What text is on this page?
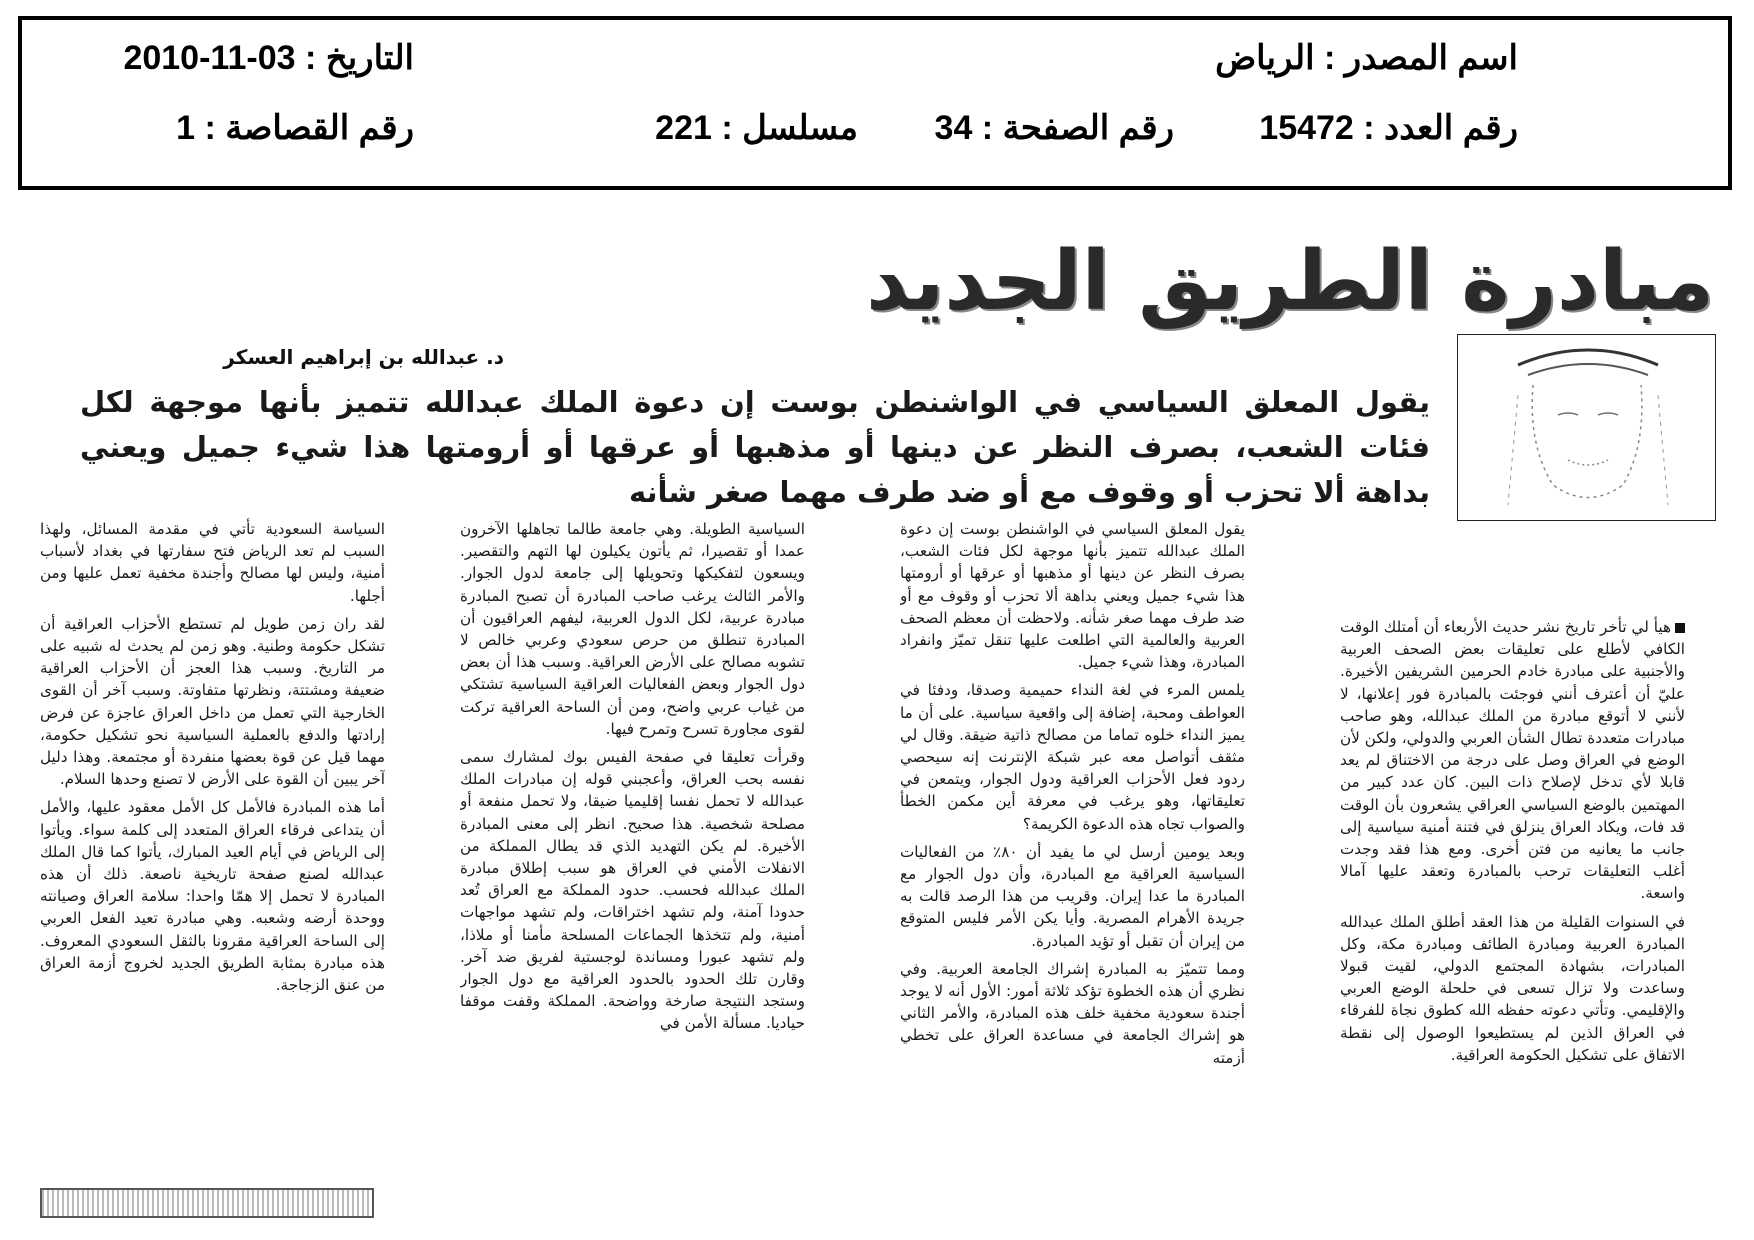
اسم المصدر : الرياض
التاريخ : 03-11-2010
رقم العدد : 15472
رقم الصفحة : 34
مسلسل : 221
رقم القصاصة : 1
مبادرة الطريق الجديد
د. عبدالله بن إبراهيم العسكر
يقول المعلق السياسي في الواشنطن بوست إن دعوة الملك عبدالله تتميز بأنها موجهة لكل فئات الشعب، بصرف النظر عن دينها أو مذهبها أو عرقها أو أرومتها هذا شيء جميل ويعني بداهة ألا تحزب أو وقوف مع أو ضد طرف مهما صغر شأنه

هيأ لي تأخر تاريخ نشر حديث الأربعاء أن أمتلك الوقت الكافي لأطلع على تعليقات بعض الصحف العربية والأجنبية على مبادرة خادم الحرمين الشريفين الأخيرة. عليّ أن أعترف أنني فوجئت بالمبادرة فور إعلانها، لا لأنني لا أتوقع مبادرة من الملك عبدالله، وهو صاحب مبادرات متعددة تطال الشأن العربي والدولي، ولكن لأن الوضع في العراق وصل على درجة من الاختناق لم يعد قابلا لأي تدخل لإصلاح ذات البين. كان عدد كبير من المهتمين بالوضع السياسي العراقي يشعرون بأن الوقت قد فات، ويكاد العراق ينزلق في فتنة أمنية سياسية إلى جانب ما يعانيه من فتن أخرى. ومع هذا فقد وجدت أغلب التعليقات ترحب بالمبادرة وتعقد عليها آمالا واسعة.

في السنوات القليلة من هذا العقد أطلق الملك عبدالله المبادرة العربية ومبادرة الطائف ومبادرة مكة، وكل المبادرات، بشهادة المجتمع الدولي، لقيت قبولا وساعدت ولا تزال تسعى في حلحلة الوضع العربي والإقليمي. وتأتي دعوته حفظه الله كطوق نجاة للفرقاء في العراق الذين لم يستطيعوا الوصول إلى نقطة الاتفاق على تشكيل الحكومة العراقية.

يقول المعلق السياسي في الواشنطن بوست إن دعوة الملك عبدالله تتميز بأنها موجهة لكل فئات الشعب، بصرف النظر عن دينها أو مذهبها أو عرقها أو أرومتها هذا شيء جميل ويعني بداهة ألا تحزب أو وقوف مع أو ضد طرف مهما صغر شأنه. ولاحظت أن معظم الصحف العربية والعالمية التي اطلعت عليها تنقل تميّز وانفراد المبادرة، وهذا شيء جميل.

يلمس المرء في لغة النداء حميمية وصدقا، ودفئا في العواطف ومحبة، إضافة إلى واقعية سياسية. على أن ما يميز النداء خلوه تماما من مصالح ذاتية ضيقة. وقال لي مثقف أتواصل معه عبر شبكة الإنترنت إنه سيحصي ردود فعل الأحزاب العراقية ودول الجوار، ويتمعن في تعليقاتها، وهو يرغب في معرفة أين مكمن الخطأ والصواب تجاه هذه الدعوة الكريمة؟

وبعد يومين أرسل لي ما يفيد أن ٨٠٪ من الفعاليات السياسية العراقية مع المبادرة، وأن دول الجوار مع المبادرة ما عدا إيران. وقريب من هذا الرصد قالت به جريدة الأهرام المصرية. وأيا يكن الأمر فليس المتوقع من إيران أن تقبل أو تؤيد المبادرة.

ومما تتميّز به المبادرة إشراك الجامعة العربية. وفي نظري أن هذه الخطوة تؤكد ثلاثة أمور: الأول أنه لا يوجد أجندة سعودية مخفية خلف هذه المبادرة، والأمر الثاني هو إشراك الجامعة في مساعدة العراق على تخطي أزمته

السياسية الطويلة. وهي جامعة طالما تجاهلها الآخرون عمدا أو تقصيرا، ثم يأتون يكيلون لها التهم والتقصير. ويسعون لتفكيكها وتحويلها إلى جامعة لدول الجوار. والأمر الثالث يرغب صاحب المبادرة أن تصبح المبادرة مبادرة عربية، لكل الدول العربية، ليفهم العراقيون أن المبادرة تنطلق من حرص سعودي وعربي خالص لا تشوبه مصالح على الأرض العراقية. وسبب هذا أن بعض دول الجوار وبعض الفعاليات العراقية السياسية تشتكي من غياب عربي واضح، ومن أن الساحة العراقية تركت لقوى مجاورة تسرح وتمرح فيها.

وقرأت تعليقا في صفحة الفيس بوك لمشارك سمى نفسه بحب العراق، وأعجبني قوله إن مبادرات الملك عبدالله لا تحمل نفسا إقليميا ضيقا، ولا تحمل منفعة أو مصلحة شخصية. هذا صحيح. انظر إلى معنى المبادرة الأخيرة. لم يكن التهديد الذي قد يطال المملكة من الانفلات الأمني في العراق هو سبب إطلاق مبادرة الملك عبدالله فحسب. حدود المملكة مع العراق تُعد حدودا آمنة، ولم تشهد اختراقات، ولم تشهد مواجهات أمنية، ولم تتخذها الجماعات المسلحة مأمنا أو ملاذا، ولم تشهد عبورا ومساندة لوجستية لفريق ضد آخر. وقارن تلك الحدود بالحدود العراقية مع دول الجوار وستجد النتيجة صارخة وواضحة. المملكة وقفت موقفا حياديا. مسألة الأمن في

السياسة السعودية تأتي في مقدمة المسائل، ولهذا السبب لم تعد الرياض فتح سفارتها في بغداد لأسباب أمنية، وليس لها مصالح وأجندة مخفية تعمل عليها ومن أجلها.

لقد ران زمن طويل لم تستطع الأحزاب العراقية أن تشكل حكومة وطنية. وهو زمن لم يحدث له شبيه على مر التاريخ. وسبب هذا العجز أن الأحزاب العراقية ضعيفة ومشتتة، ونظرتها متفاوتة. وسبب آخر أن القوى الخارجية التي تعمل من داخل العراق عاجزة عن فرض إرادتها والدفع بالعملية السياسية نحو تشكيل حكومة، مهما قيل عن قوة بعضها منفردة أو مجتمعة. وهذا دليل آخر يبين أن القوة على الأرض لا تصنع وحدها السلام.

أما هذه المبادرة فالأمل كل الأمل معقود عليها، والأمل أن يتداعى فرقاء العراق المتعدد إلى كلمة سواء. ويأتوا إلى الرياض في أيام العيد المبارك، يأتوا كما قال الملك عبدالله لصنع صفحة تاريخية ناصعة. ذلك أن هذه المبادرة لا تحمل إلا همّا واحدا: سلامة العراق وصيانته ووحدة أرضه وشعبه. وهي مبادرة تعيد الفعل العربي إلى الساحة العراقية مقرونا بالثقل السعودي المعروف. هذه مبادرة بمثابة الطريق الجديد لخروج أزمة العراق من عنق الزجاجة.
